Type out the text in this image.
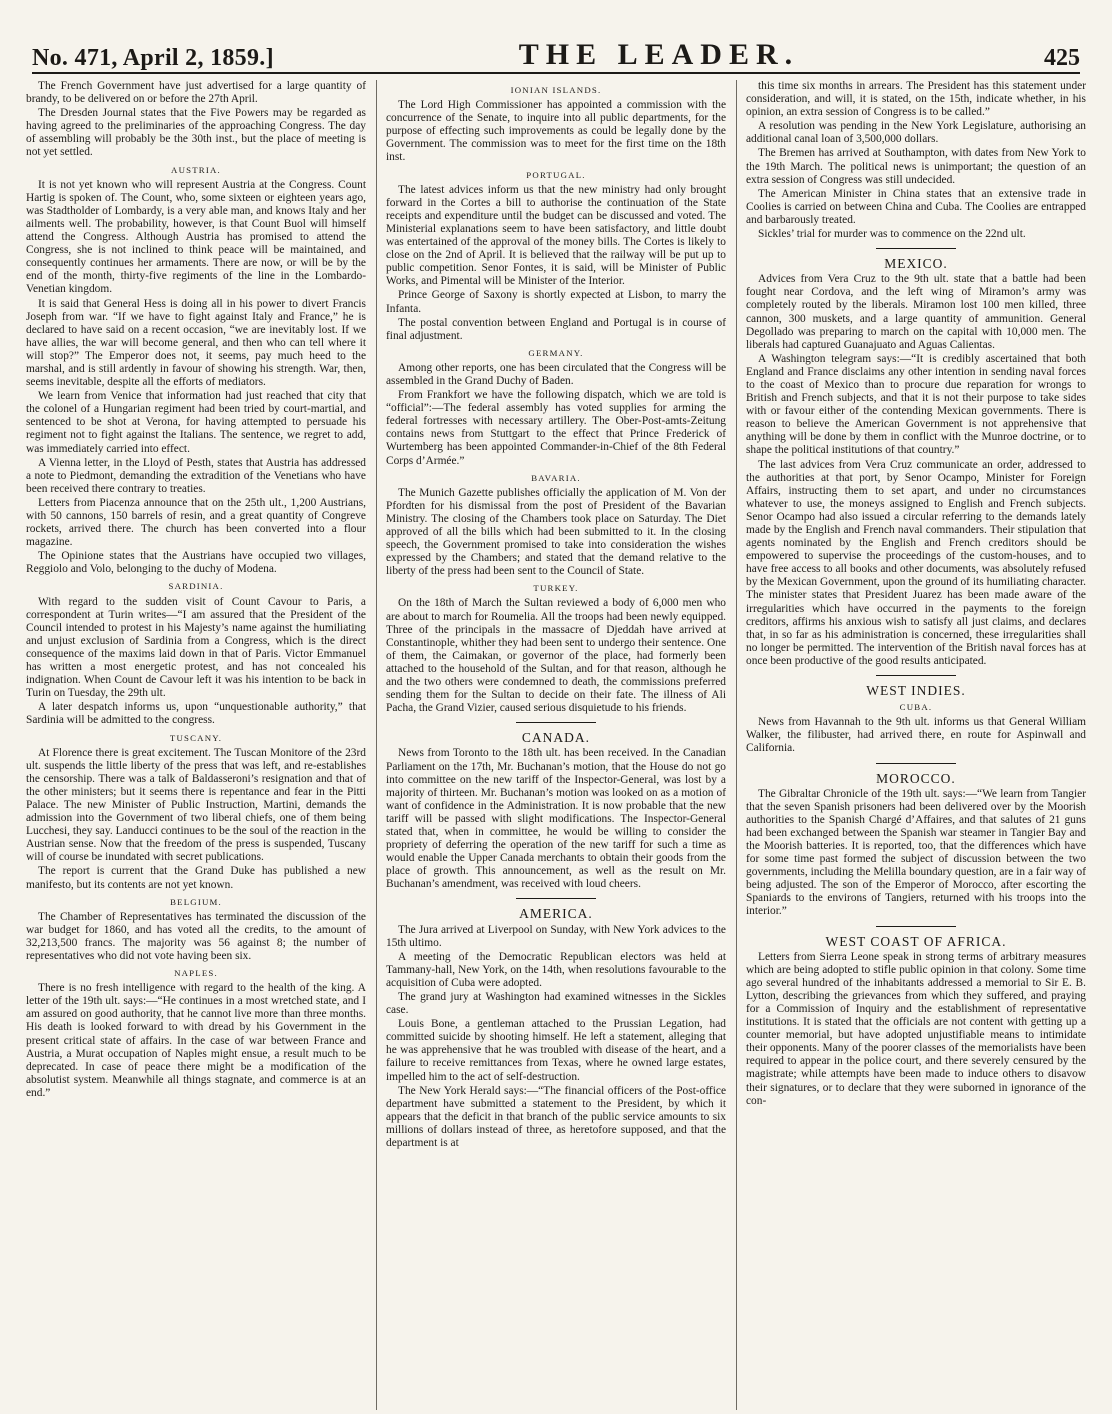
No. 471, April 2, 1859.]	THE LEADER.	425

The French Government have just advertised for a large quantity of brandy, to be delivered on or before the 27th April.

The Dresden Journal states that the Five Powers may be regarded as having agreed to the preliminaries of the approaching Congress. The day of assembling will probably be the 30th inst., but the place of meeting is not yet settled.

AUSTRIA.

It is not yet known who will represent Austria at the Congress. Count Hartig is spoken of. The Count, who, some sixteen or eighteen years ago, was Stadtholder of Lombardy, is a very able man, and knows Italy and her ailments well. The probability, however, is that Count Buol will himself attend the Congress. Although Austria has promised to attend the Congress, she is not inclined to think peace will be maintained, and consequently continues her armaments. There are now, or will be by the end of the month, thirty-five regiments of the line in the Lombardo-Venetian kingdom.

It is said that General Hess is doing all in his power to divert Francis Joseph from war. “If we have to fight against Italy and France,” he is declared to have said on a recent occasion, “we are inevitably lost. If we have allies, the war will become general, and then who can tell where it will stop?” The Emperor does not, it seems, pay much heed to the marshal, and is still ardently in favour of showing his strength. War, then, seems inevitable, despite all the efforts of mediators.

We learn from Venice that information had just reached that city that the colonel of a Hungarian regiment had been tried by court-martial, and sentenced to be shot at Verona, for having attempted to persuade his regiment not to fight against the Italians. The sentence, we regret to add, was immediately carried into effect.

A Vienna letter, in the Lloyd of Pesth, states that Austria has addressed a note to Piedmont, demanding the extradition of the Venetians who have been received there contrary to treaties.

Letters from Piacenza announce that on the 25th ult., 1,200 Austrians, with 50 cannons, 150 barrels of resin, and a great quantity of Congreve rockets, arrived there. The church has been converted into a flour magazine.

The Opinione states that the Austrians have occupied two villages, Reggiolo and Volo, belonging to the duchy of Modena.

SARDINIA.

With regard to the sudden visit of Count Cavour to Paris, a correspondent at Turin writes—“I am assured that the President of the Council intended to protest in his Majesty’s name against the humiliating and unjust exclusion of Sardinia from a Congress, which is the direct consequence of the maxims laid down in that of Paris. Victor Emmanuel has written a most energetic protest, and has not concealed his indignation. When Count de Cavour left it was his intention to be back in Turin on Tuesday, the 29th ult.

A later despatch informs us, upon “unquestionable authority,” that Sardinia will be admitted to the congress.

TUSCANY.

At Florence there is great excitement. The Tuscan Monitore of the 23rd ult. suspends the little liberty of the press that was left, and re-establishes the censorship. There was a talk of Baldasseroni’s resignation and that of the other ministers; but it seems there is repentance and fear in the Pitti Palace. The new Minister of Public Instruction, Martini, demands the admission into the Government of two liberal chiefs, one of them being Lucchesi, they say. Landucci continues to be the soul of the reaction in the Austrian sense. Now that the freedom of the press is suspended, Tuscany will of course be inundated with secret publications.

The report is current that the Grand Duke has published a new manifesto, but its contents are not yet known.

BELGIUM.

The Chamber of Representatives has terminated the discussion of the war budget for 1860, and has voted all the credits, to the amount of 32,213,500 francs. The majority was 56 against 8; the number of representatives who did not vote having been six.

NAPLES.

There is no fresh intelligence with regard to the health of the king. A letter of the 19th ult. says:—“He continues in a most wretched state, and I am assured on good authority, that he cannot live more than three months. His death is looked forward to with dread by his Government in the present critical state of affairs. In the case of war between France and Austria, a Murat occupation of Naples might ensue, a result much to be deprecated. In case of peace there might be a modification of the absolutist system. Meanwhile all things stagnate, and commerce is at an end.”

IONIAN ISLANDS.

The Lord High Commissioner has appointed a commission with the concurrence of the Senate, to inquire into all public departments, for the purpose of effecting such improvements as could be legally done by the Government. The commission was to meet for the first time on the 18th inst.

PORTUGAL.

The latest advices inform us that the new ministry had only brought forward in the Cortes a bill to authorise the continuation of the State receipts and expenditure until the budget can be discussed and voted. The Ministerial explanations seem to have been satisfactory, and little doubt was entertained of the approval of the money bills. The Cortes is likely to close on the 2nd of April. It is believed that the railway will be put up to public competition. Senor Fontes, it is said, will be Minister of Public Works, and Pimental will be Minister of the Interior.

Prince George of Saxony is shortly expected at Lisbon, to marry the Infanta.

The postal convention between England and Portugal is in course of final adjustment.

GERMANY.

Among other reports, one has been circulated that the Congress will be assembled in the Grand Duchy of Baden.

From Frankfort we have the following dispatch, which we are told is “official”:—The federal assembly has voted supplies for arming the federal fortresses with necessary artillery. The Ober-Post-amts-Zeitung contains news from Stuttgart to the effect that Prince Frederick of Wurtemberg has been appointed Commander-in-Chief of the 8th Federal Corps d’Armée.”

BAVARIA.

The Munich Gazette publishes officially the application of M. Von der Pfordten for his dismissal from the post of President of the Bavarian Ministry. The closing of the Chambers took place on Saturday. The Diet approved of all the bills which had been submitted to it. In the closing speech, the Government promised to take into consideration the wishes expressed by the Chambers; and stated that the demand relative to the liberty of the press had been sent to the Council of State.

TURKEY.

On the 18th of March the Sultan reviewed a body of 6,000 men who are about to march for Roumelia. All the troops had been newly equipped. Three of the principals in the massacre of Djeddah have arrived at Constantinople, whither they had been sent to undergo their sentence. One of them, the Caimakan, or governor of the place, had formerly been attached to the household of the Sultan, and for that reason, although he and the two others were condemned to death, the commissions preferred sending them for the Sultan to decide on their fate. The illness of Ali Pacha, the Grand Vizier, caused serious disquietude to his friends.

CANADA.

News from Toronto to the 18th ult. has been received. In the Canadian Parliament on the 17th, Mr. Buchanan’s motion, that the House do not go into committee on the new tariff of the Inspector-General, was lost by a majority of thirteen. Mr. Buchanan’s motion was looked on as a motion of want of confidence in the Administration. It is now probable that the new tariff will be passed with slight modifications. The Inspector-General stated that, when in committee, he would be willing to consider the propriety of deferring the operation of the new tariff for such a time as would enable the Upper Canada merchants to obtain their goods from the place of growth. This announcement, as well as the result on Mr. Buchanan’s amendment, was received with loud cheers.

AMERICA.

The Jura arrived at Liverpool on Sunday, with New York advices to the 15th ultimo.

A meeting of the Democratic Republican electors was held at Tammany-hall, New York, on the 14th, when resolutions favourable to the acquisition of Cuba were adopted.

The grand jury at Washington had examined witnesses in the Sickles case.

Louis Bone, a gentleman attached to the Prussian Legation, had committed suicide by shooting himself. He left a statement, alleging that he was apprehensive that he was troubled with disease of the heart, and a failure to receive remittances from Texas, where he owned large estates, impelled him to the act of self-destruction.

The New York Herald says:—“The financial officers of the Post-office department have submitted a statement to the President, by which it appears that the deficit in that branch of the public service amounts to six millions of dollars instead of three, as heretofore supposed, and that the department is at

this time six months in arrears. The President has this statement under consideration, and will, it is stated, on the 15th, indicate whether, in his opinion, an extra session of Congress is to be called.”

A resolution was pending in the New York Legislature, authorising an additional canal loan of 3,500,000 dollars.

The Bremen has arrived at Southampton, with dates from New York to the 19th March. The political news is unimportant; the question of an extra session of Congress was still undecided.

The American Minister in China states that an extensive trade in Coolies is carried on between China and Cuba. The Coolies are entrapped and barbarously treated.

Sickles’ trial for murder was to commence on the 22nd ult.

MEXICO.

Advices from Vera Cruz to the 9th ult. state that a battle had been fought near Cordova, and the left wing of Miramon’s army was completely routed by the liberals. Miramon lost 100 men killed, three cannon, 300 muskets, and a large quantity of ammunition. General Degollado was preparing to march on the capital with 10,000 men. The liberals had captured Guanajuato and Aguas Calientas.

A Washington telegram says:—“It is credibly ascertained that both England and France disclaims any other intention in sending naval forces to the coast of Mexico than to procure due reparation for wrongs to British and French subjects, and that it is not their purpose to take sides with or favour either of the contending Mexican governments. There is reason to believe the American Government is not apprehensive that anything will be done by them in conflict with the Munroe doctrine, or to shape the political institutions of that country.”

The last advices from Vera Cruz communicate an order, addressed to the authorities at that port, by Senor Ocampo, Minister for Foreign Affairs, instructing them to set apart, and under no circumstances whatever to use, the moneys assigned to English and French subjects. Senor Ocampo had also issued a circular referring to the demands lately made by the English and French naval commanders. Their stipulation that agents nominated by the English and French creditors should be empowered to supervise the proceedings of the custom-houses, and to have free access to all books and other documents, was absolutely refused by the Mexican Government, upon the ground of its humiliating character. The minister states that President Juarez has been made aware of the irregularities which have occurred in the payments to the foreign creditors, affirms his anxious wish to satisfy all just claims, and declares that, in so far as his administration is concerned, these irregularities shall no longer be permitted. The intervention of the British naval forces has at once been productive of the good results anticipated.

WEST INDIES.
CUBA.

News from Havannah to the 9th ult. informs us that General William Walker, the filibuster, had arrived there, en route for Aspinwall and California.

MOROCCO.

The Gibraltar Chronicle of the 19th ult. says:—“We learn from Tangier that the seven Spanish prisoners had been delivered over by the Moorish authorities to the Spanish Chargé d’Affaires, and that salutes of 21 guns had been exchanged between the Spanish war steamer in Tangier Bay and the Moorish batteries. It is reported, too, that the differences which have for some time past formed the subject of discussion between the two governments, including the Melilla boundary question, are in a fair way of being adjusted. The son of the Emperor of Morocco, after escorting the Spaniards to the environs of Tangiers, returned with his troops into the interior.”

WEST COAST OF AFRICA.

Letters from Sierra Leone speak in strong terms of arbitrary measures which are being adopted to stifle public opinion in that colony. Some time ago several hundred of the inhabitants addressed a memorial to Sir E. B. Lytton, describing the grievances from which they suffered, and praying for a Commission of Inquiry and the establishment of representative institutions. It is stated that the officials are not content with getting up a counter memorial, but have adopted unjustifiable means to intimidate their opponents. Many of the poorer classes of the memorialists have been required to appear in the police court, and there severely censured by the magistrate; while attempts have been made to induce others to disavow their signatures, or to declare that they were suborned in ignorance of the con-
